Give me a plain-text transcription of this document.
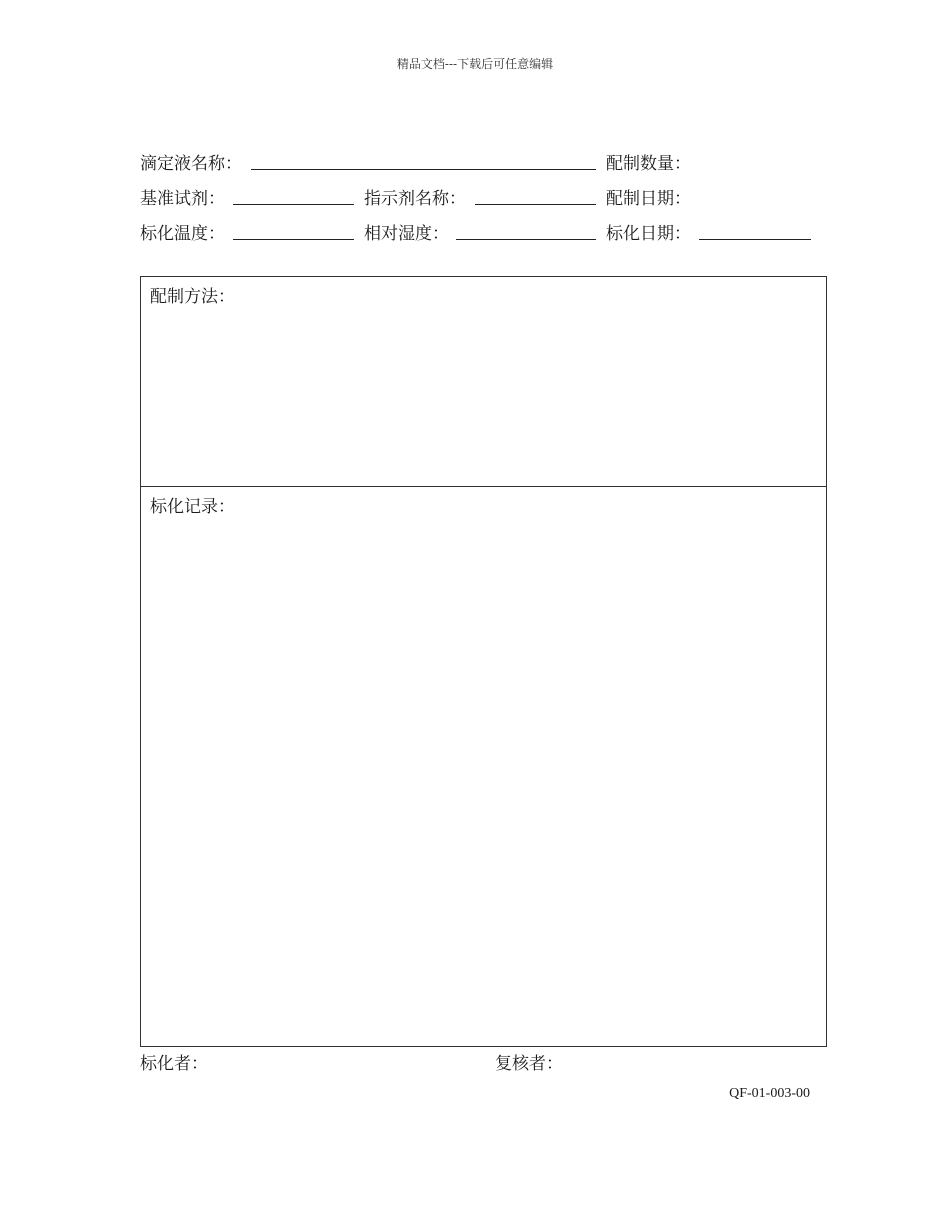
精品文档---下载后可任意编辑
滴定液名称：	配制数量：
基准试剂：	指示剂名称：	配制日期：
标化温度：	相对湿度：	标化日期：
配制方法：
标化记录：
标化者：	复核者：
QF-01-003-00
